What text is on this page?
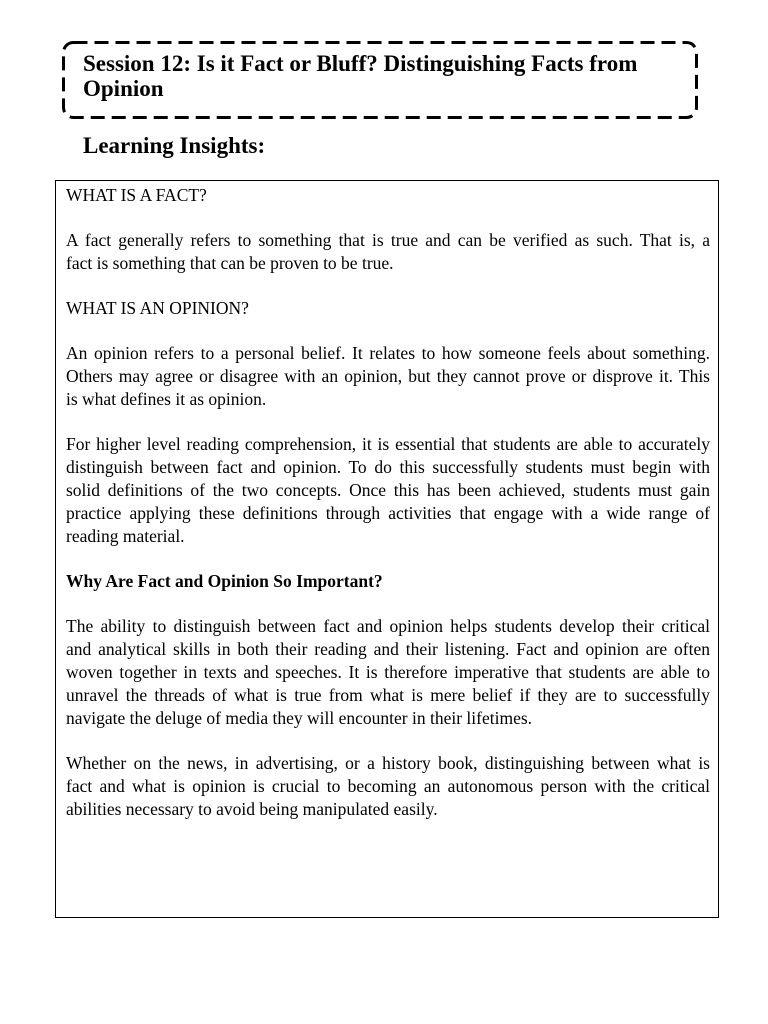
Session 12: Is it Fact or Bluff? Distinguishing Facts from Opinion
Learning Insights:
WHAT IS A FACT?
A fact generally refers to something that is true and can be verified as such. That is, a
fact is something that can be proven to be true.
WHAT IS AN OPINION?
An opinion refers to a personal belief. It relates to how someone feels about something.
Others may agree or disagree with an opinion, but they cannot prove or disprove it. This
is what defines it as opinion.
For higher level reading comprehension, it is essential that students are able to accurately
distinguish between fact and opinion. To do this successfully students must begin with
solid definitions of the two concepts. Once this has been achieved, students must gain
practice applying these definitions through activities that engage with a wide range of
reading material.
Why Are Fact and Opinion So Important?
The ability to distinguish between fact and opinion helps students develop their critical
and analytical skills in both their reading and their listening. Fact and opinion are often
woven together in texts and speeches. It is therefore imperative that students are able to
unravel the threads of what is true from what is mere belief if they are to successfully
navigate the deluge of media they will encounter in their lifetimes.
Whether on the news, in advertising, or a history book, distinguishing between what is
fact and what is opinion is crucial to becoming an autonomous person with the critical
abilities necessary to avoid being manipulated easily.
